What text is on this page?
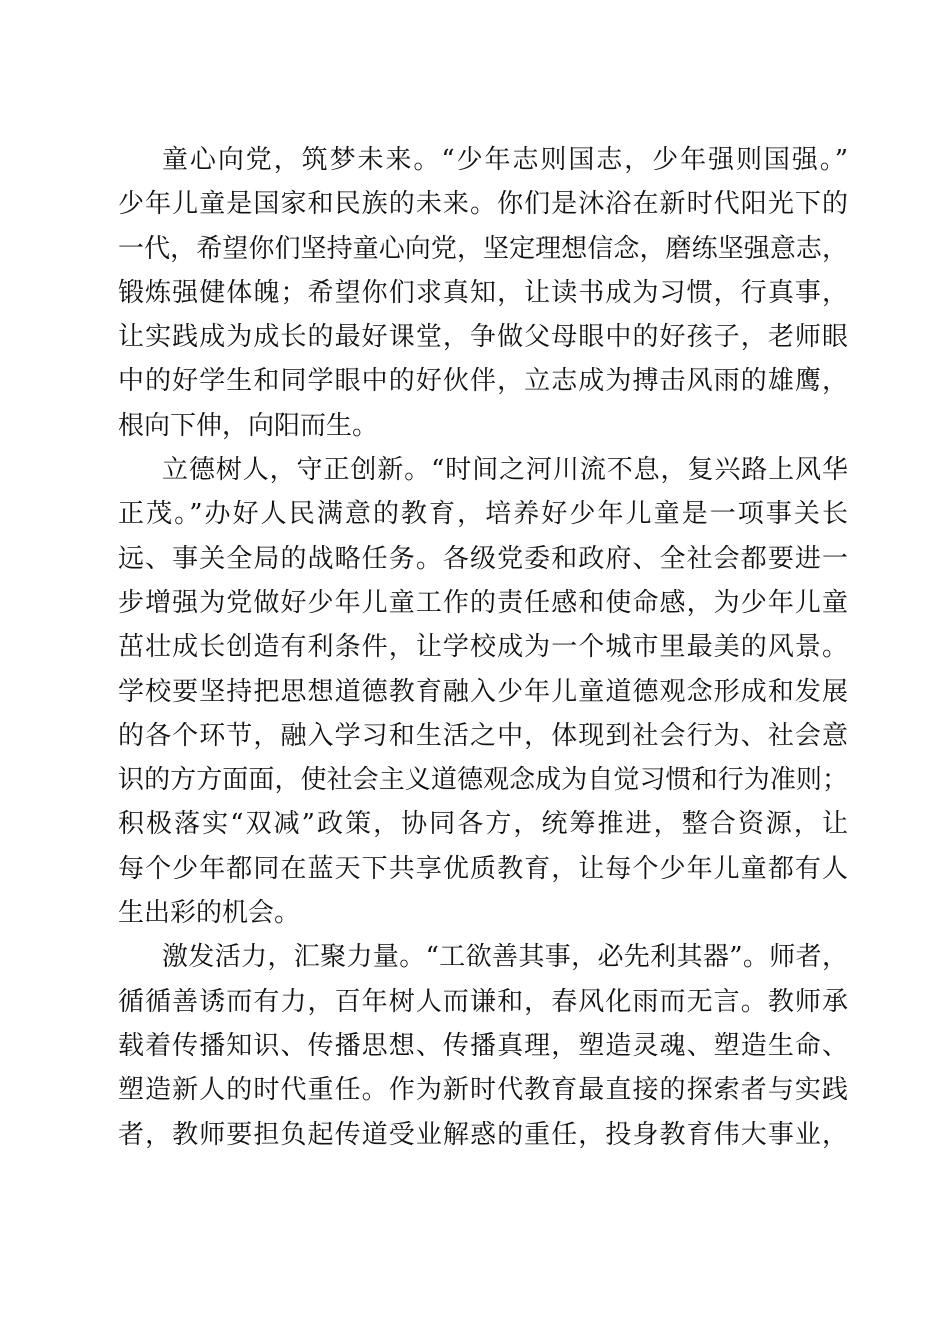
童心向党，筑梦未来。“少年志则国志，少年强则国强。”
少年儿童是国家和民族的未来。你们是沐浴在新时代阳光下的
一代，希望你们坚持童心向党，坚定理想信念，磨练坚强意志，
锻炼强健体魄；希望你们求真知，让读书成为习惯，行真事，
让实践成为成长的最好课堂，争做父母眼中的好孩子，老师眼
中的好学生和同学眼中的好伙伴，立志成为搏击风雨的雄鹰，
根向下伸，向阳而生。
立德树人，守正创新。“时间之河川流不息，复兴路上风华
正茂。”办好人民满意的教育，培养好少年儿童是一项事关长
远、事关全局的战略任务。各级党委和政府、全社会都要进一
步增强为党做好少年儿童工作的责任感和使命感，为少年儿童
茁壮成长创造有利条件，让学校成为一个城市里最美的风景。
学校要坚持把思想道德教育融入少年儿童道德观念形成和发展
的各个环节，融入学习和生活之中，体现到社会行为、社会意
识的方方面面，使社会主义道德观念成为自觉习惯和行为准则；
积极落实“双减”政策，协同各方，统筹推进，整合资源，让
每个少年都同在蓝天下共享优质教育，让每个少年儿童都有人
生出彩的机会。
激发活力，汇聚力量。“工欲善其事，必先利其器”。师者，
循循善诱而有力，百年树人而谦和，春风化雨而无言。教师承
载着传播知识、传播思想、传播真理，塑造灵魂、塑造生命、
塑造新人的时代重任。作为新时代教育最直接的探索者与实践
者，教师要担负起传道受业解惑的重任，投身教育伟大事业，
